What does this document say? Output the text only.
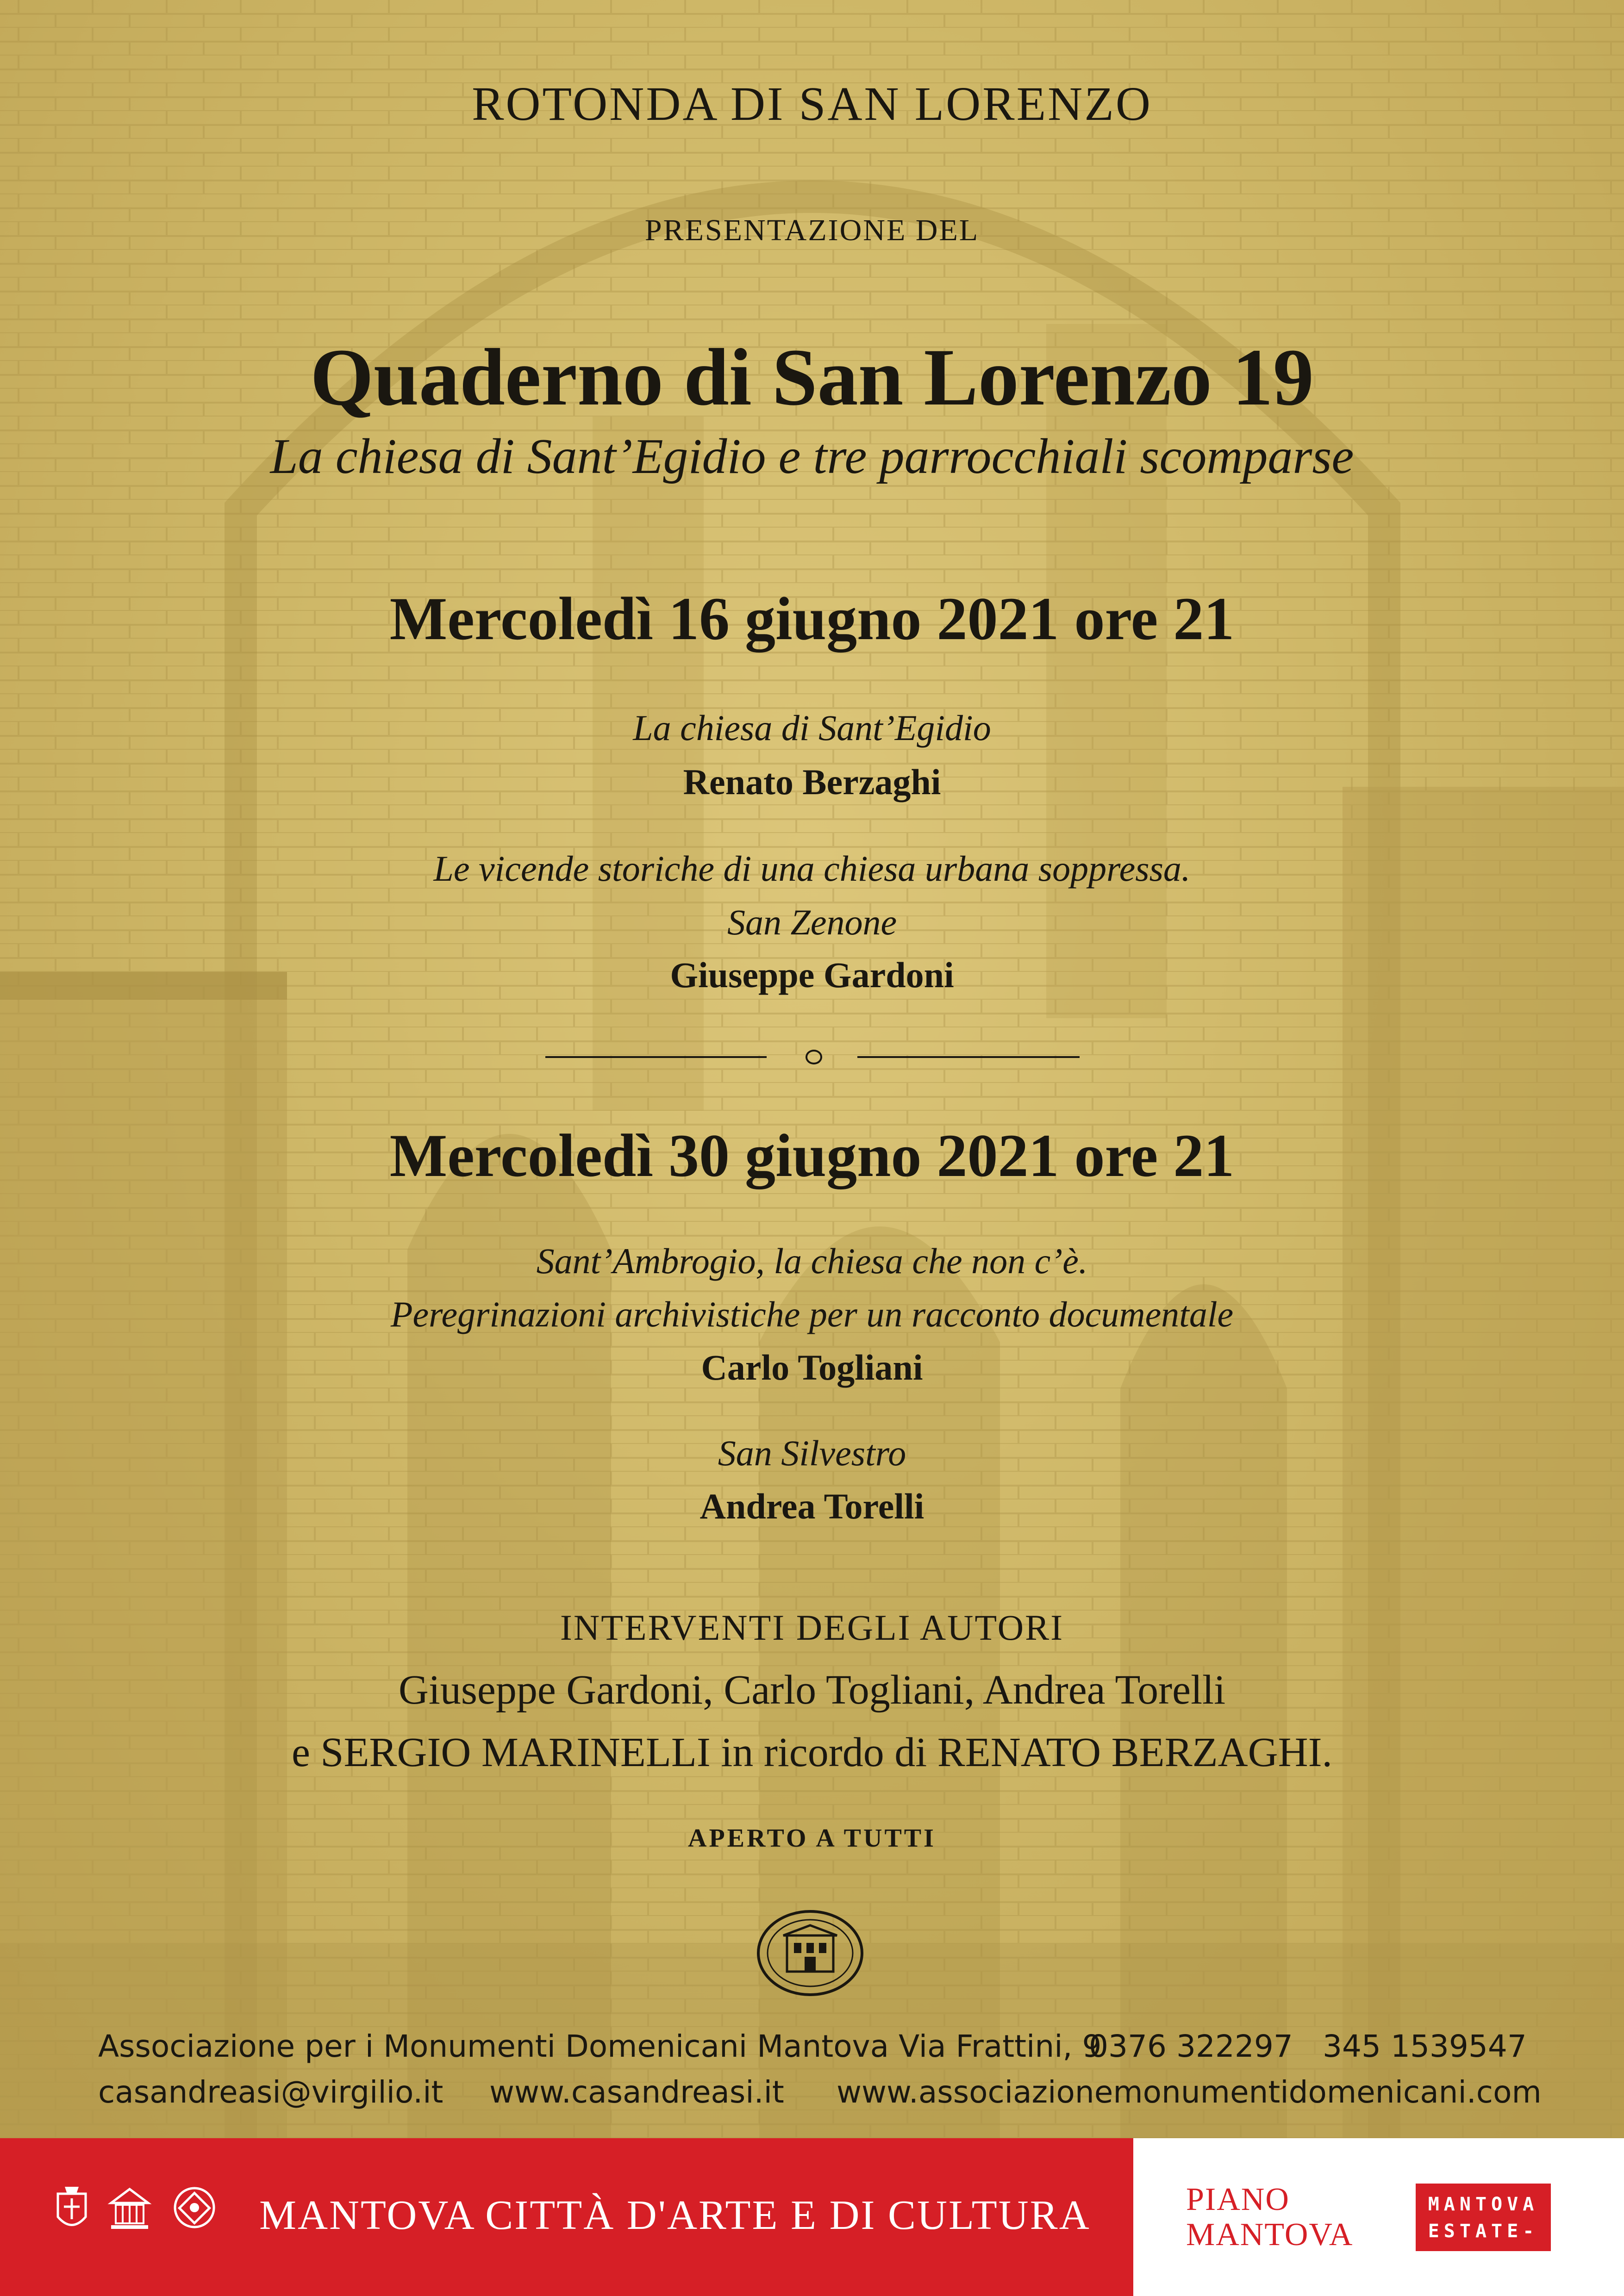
ROTONDA DI SAN LORENZO
PRESENTAZIONE DEL
Quaderno di San Lorenzo 19
La chiesa di Sant’Egidio e tre parrocchiali scomparse
Mercoledì 16 giugno 2021 ore 21
La chiesa di Sant’Egidio
Renato Berzaghi
Le vicende storiche di una chiesa urbana soppressa.
San Zenone
Giuseppe Gardoni
Mercoledì 30 giugno 2021 ore 21
Sant’Ambrogio, la chiesa che non c’è.
Peregrinazioni archivistiche per un racconto documentale
Carlo Togliani
San Silvestro
Andrea Torelli
INTERVENTI DEGLI AUTORI
Giuseppe Gardoni, Carlo Togliani, Andrea Torelli
e SERGIO MARINELLI in ricordo di RENATO BERZAGHI.
APERTO A TUTTI
Associazione per i Monumenti Domenicani Mantova Via Frattini, 9
0376 322297 345 1539547
casandreasi@virgilio.it www.casandreasi.it www.associazionemonumentidomenicani.com
MANTOVA CITTÀ D'ARTE E DI CULTURA	PIANO
MANTOVA
MANTOVA
ESTATE-
